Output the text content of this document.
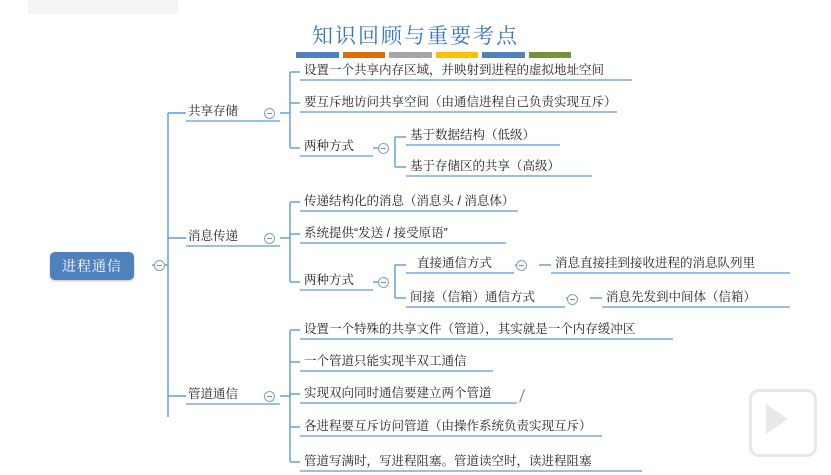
知识回顾与重要考点
进程通信
共享存储
设置一个共享内存区域，并映射到进程的虚拟地址空间
要互斥地访问共享空间（由通信进程自己负责实现互斥）
两种方式
基于数据结构（低级）
基于存储区的共享（高级）
消息传递
传递结构化的消息（消息头 / 消息体）
系统提供“发送 / 接受原语”
两种方式
直接通信方式	消息直接挂到接收进程的消息队列里
间接（信箱）通信方式	消息先发到中间体（信箱）
管道通信
设置一个特殊的共享文件（管道），其实就是一个内存缓冲区
一个管道只能实现半双工通信
实现双向同时通信要建立两个管道
各进程要互斥访问管道（由操作系统负责实现互斥）
管道写满时，写进程阻塞。管道读空时，读进程阻塞
